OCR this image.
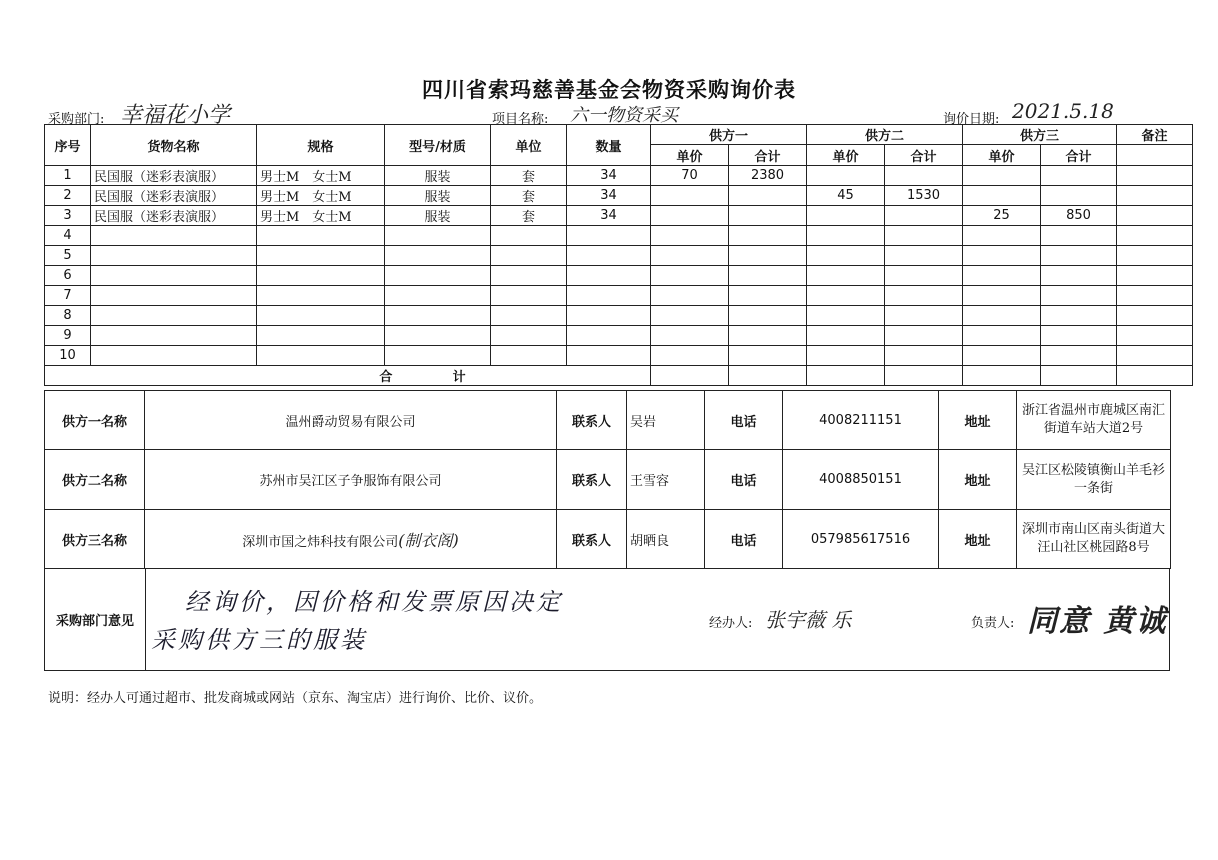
四川省索玛慈善基金会物资采购询价表
采购部门: 幸福花小学	项目名称: 六一物资采买	询价日期: 2021.5.18
序号	货物名称	规格	型号/材质	单位	数量	供方一		供方二		供方三		备注
						单价	合计	单价	合计	单价	合计	
1	民国服（迷彩表演服）	男士M　女士M	服装	套	34	70	2380					
2	民国服（迷彩表演服）	男士M　女士M	服装	套	34			45	1530			
3	民国服（迷彩表演服）	男士M　女士M	服装	套	34					25	850	
4												
5												
6												
7												
8												
9												
10												
合 计												
供方一名称	温州爵动贸易有限公司	联系人	吴岩	电话	4008211151	地址	浙江省温州市鹿城区南汇街道车站大道2号
供方二名称	苏州市吴江区子争服饰有限公司	联系人	王雪容	电话	4008850151	地址	吴江区松陵镇衡山羊毛衫一条街
供方三名称	深圳市国之炜科技有限公司(制衣阁)	联系人	胡晒良	电话	057985617516	地址	深圳市南山区南头街道大汪山社区桃园路8号
采购部门意见
经询价，因价格和发票原因决定
采购供方三的服装
经办人: 张宇薇 乐	负责人: 同意 黄诚
说明：经办人可通过超市、批发商城或网站（京东、淘宝店）进行询价、比价、议价。
